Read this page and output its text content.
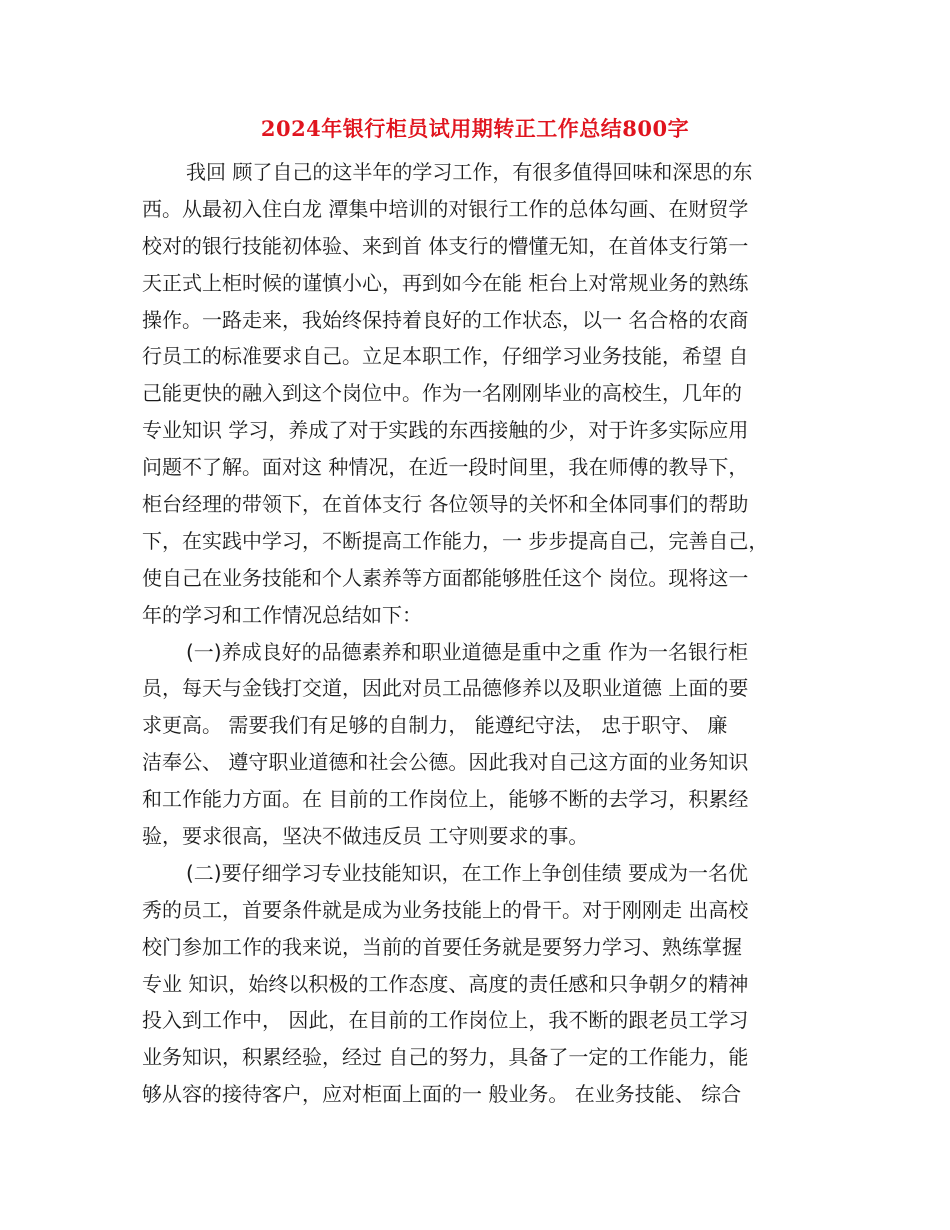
2024年银行柜员试用期转正工作总结800字
我回 顾了自己的这半年的学习工作，有很多值得回味和深思的东
西。从最初入住白龙 潭集中培训的对银行工作的总体勾画、在财贸学
校对的银行技能初体验、来到首 体支行的懵懂无知，在首体支行第一
天正式上柜时候的谨慎小心，再到如今在能 柜台上对常规业务的熟练
操作。一路走来，我始终保持着良好的工作状态，以一 名合格的农商
行员工的标准要求自己。立足本职工作，仔细学习业务技能，希望 自
己能更快的融入到这个岗位中。作为一名刚刚毕业的高校生，几年的
专业知识 学习，养成了对于实践的东西接触的少，对于许多实际应用
问题不了解。面对这 种情况，在近一段时间里，我在师傅的教导下，
柜台经理的带领下，在首体支行 各位领导的关怀和全体同事们的帮助
下，在实践中学习，不断提高工作能力，一 步步提高自己，完善自己，
使自己在业务技能和个人素养等方面都能够胜任这个 岗位。现将这一
年的学习和工作情况总结如下：
(一)养成良好的品德素养和职业道德是重中之重 作为一名银行柜
员，每天与金钱打交道，因此对员工品德修养以及职业道德 上面的要
求更高。 需要我们有足够的自制力， 能遵纪守法， 忠于职守、 廉
洁奉公、 遵守职业道德和社会公德。因此我对自己这方面的业务知识
和工作能力方面。在 目前的工作岗位上，能够不断的去学习，积累经
验，要求很高，坚决不做违反员 工守则要求的事。
(二)要仔细学习专业技能知识，在工作上争创佳绩 要成为一名优
秀的员工，首要条件就是成为业务技能上的骨干。对于刚刚走 出高校
校门参加工作的我来说，当前的首要任务就是要努力学习、熟练掌握
专业 知识，始终以积极的工作态度、高度的责任感和只争朝夕的精神
投入到工作中， 因此，在目前的工作岗位上，我不断的跟老员工学习
业务知识，积累经验，经过 自己的努力，具备了一定的工作能力，能
够从容的接待客户，应对柜面上面的一 般业务。 在业务技能、 综合
